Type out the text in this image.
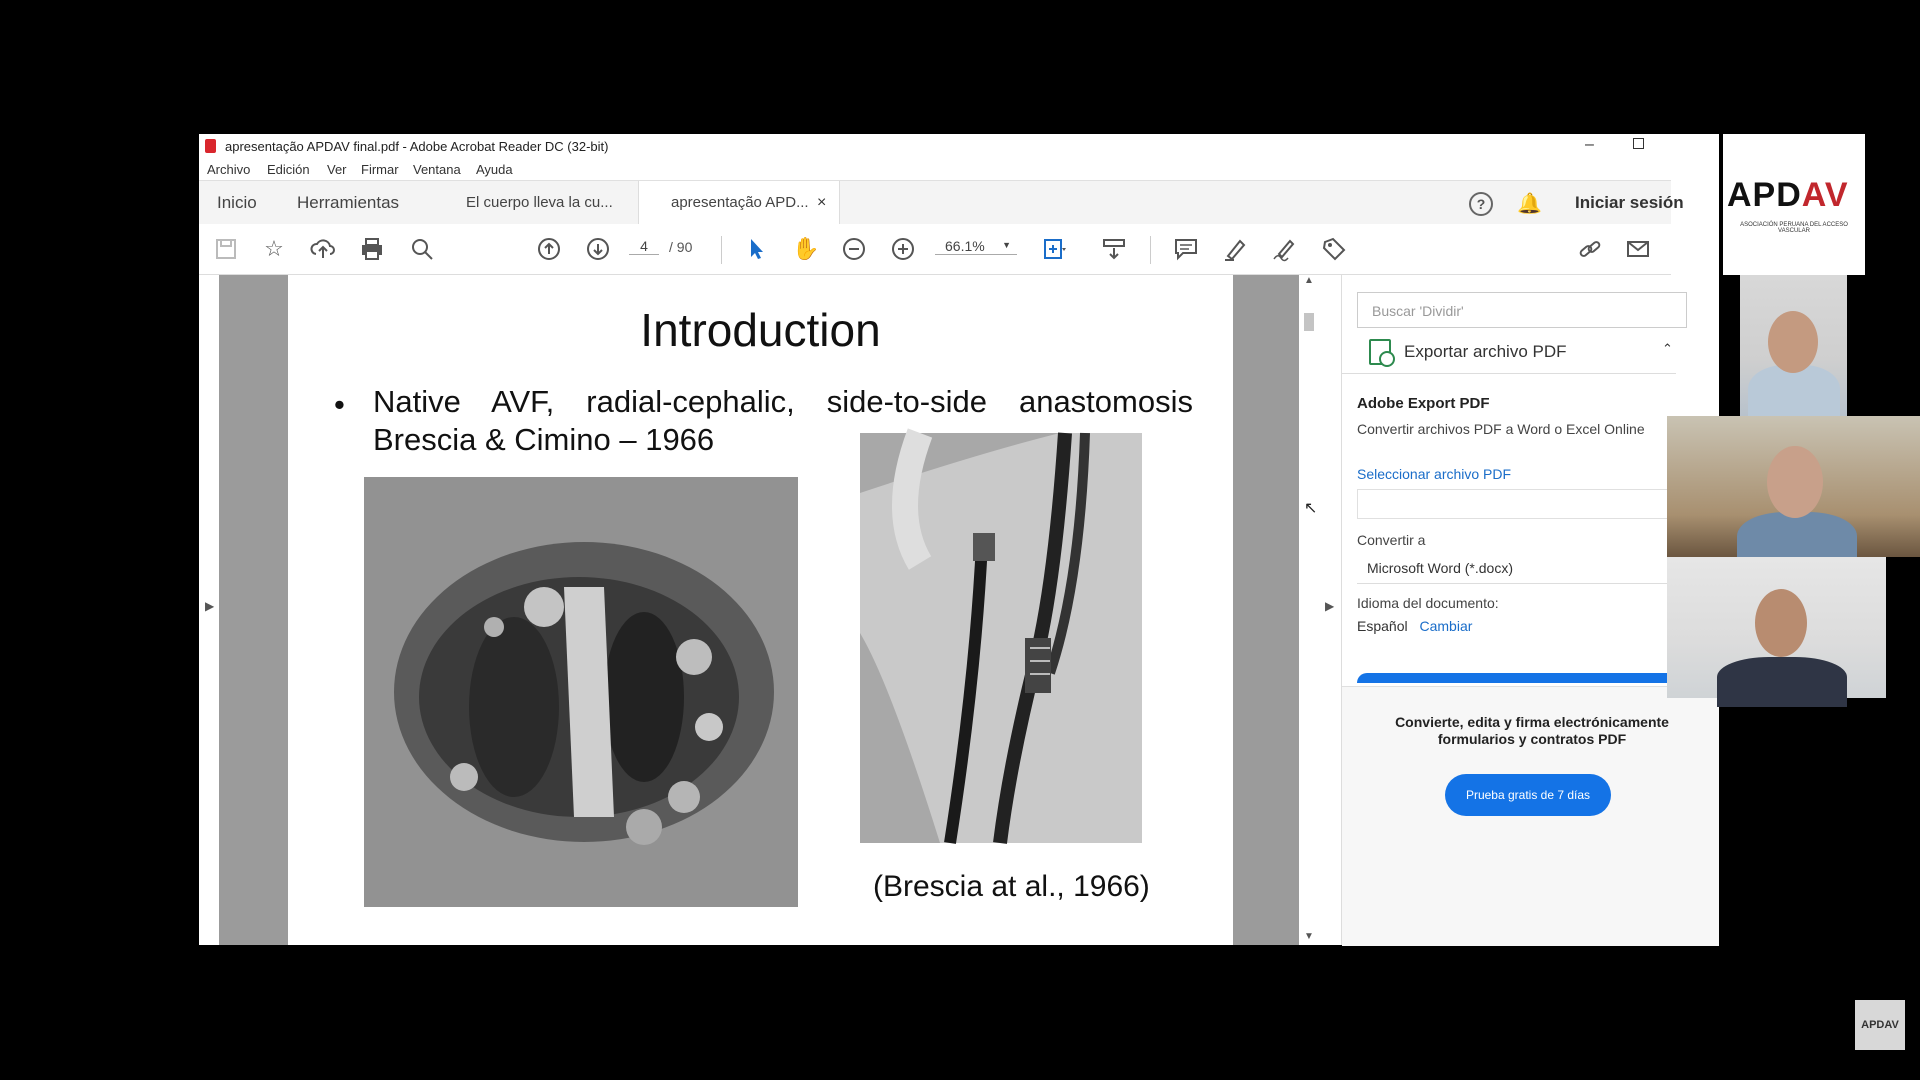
apresentação APDAV final.pdf - Adobe Acrobat Reader DC (32-bit)	–
Archivo Edición Ver Firmar Ventana Ayuda
Inicio Herramientas	El cuerpo lleva la cu...	apresentação APD... ×	?	🔔 Iniciar sesión
☆	4	/ 90	✋	66.1% ▼
▶
Introduction
• Native AVF, radial-cephalic, side-to-side anastomosis
Brescia & Cimino – 1966
(Brescia at al., 1966)
▲
▼
▶
Buscar 'Dividir'
Exportar archivo PDF	⌃
Adobe Export PDF
Convertir archivos PDF a Word o Excel Online
Seleccionar archivo PDF
Convertir a
Microsoft Word (*.docx)
Idioma del documento:
Español Cambiar
Convierte, edita y firma electrónicamente formularios y contratos PDF
Prueba gratis de 7 días
↖
APDAV
ASOCIACIÓN PERUANA DEL ACCESO VASCULAR
APDAV
